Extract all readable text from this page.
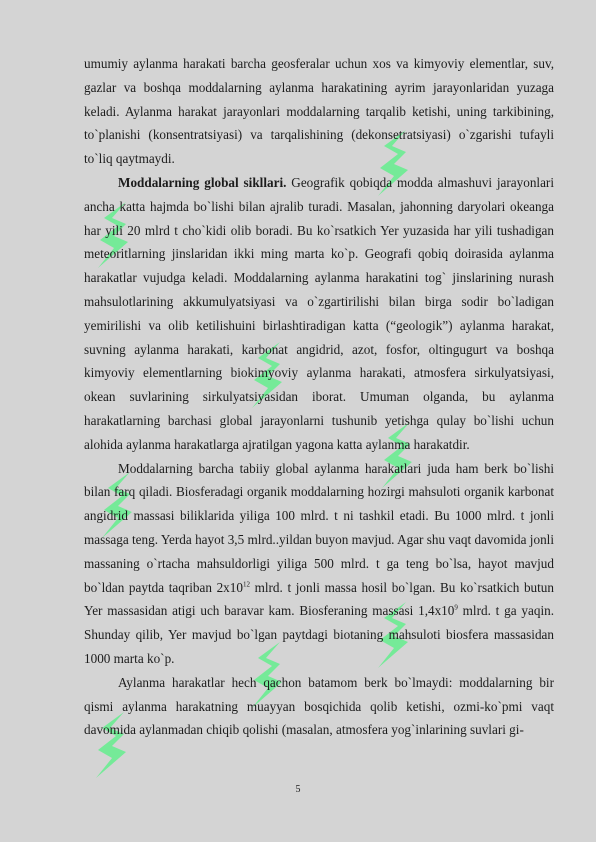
umumiy aylanma harakati barcha geosferalar uchun xos va kimyoviy elementlar, suv, gazlar va boshqa moddalarning aylanma harakatining ayrim jarayonlaridan yuzaga keladi. Aylanma harakat jarayonlari moddalarning tarqalib ketishi, uning tarkibining, to`planishi (konsentratsiyasi) va tarqalishining (dekonsetratsiyasi) o`zgarishi tufayli to`liq qaytmaydi.

Moddalarning global sikllari. Geografik qobiqda modda almashuvi jarayonlari ancha katta hajmda bo`lishi bilan ajralib turadi. Masalan, jahonning daryolari okeanga har yili 20 mlrd t cho`kidi olib boradi. Bu ko`rsatkich Yer yuzasida har yili tushadigan meteoritlarning jinslaridan ikki ming marta ko`p. Geografi qobiq doirasida aylanma harakatlar vujudga keladi. Moddalarning aylanma harakatini tog` jinslarining nurash mahsulotlarining akkumulyatsiyasi va o`zgartirilishi bilan birga sodir bo`ladigan yemirilishi va olib ketilishuini birlashtiradigan katta (“geologik”) aylanma harakat, suvning aylanma harakati, karbonat angidrid, azot, fosfor, oltingugurt va boshqa kimyoviy elementlarning biokimyoviy aylanma harakati, atmosfera sirkulyatsiyasi, okean suvlarining sirkulyatsiyasidan iborat. Umuman olganda, bu aylanma harakatlarning barchasi global jarayonlarni tushunib yetishga qulay bo`lishi uchun alohida aylanma harakatlarga ajratilgan yagona katta aylanma harakatdir.

Moddalarning barcha tabiiy global aylanma harakatlari juda ham berk bo`lishi bilan farq qiladi. Biosferadagi organik moddalarning hozirgi mahsuloti organik karbonat angidrid massasi biliklarida yiliga 100 mlrd. t ni tashkil etadi. Bu 1000 mlrd. t jonli massaga teng. Yerda hayot 3,5 mlrd..yildan buyon mavjud. Agar shu vaqt davomida jonli massaning o`rtacha mahsuldorligi yiliga 500 mlrd. t ga teng bo`lsa, hayot mavjud bo`ldan paytda taqriban $2x10^{12}$ mlrd. t jonli massa hosil bo`lgan. Bu ko`rsatkich butun Yer massasidan atigi uch baravar kam. Biosferaning massasi $1,4x10^9$ mlrd. t ga yaqin. Shunday qilib, Yer mavjud bo`lgan paytdagi biotaning mahsuloti biosfera massasidan 1000 marta ko`p.

Aylanma harakatlar hech qachon batamom berk bo`lmaydi: moddalarning bir qismi aylanma harakatning muayyan bosqichida qolib ketishi, ozmi-ko`pmi vaqt davomida aylanmadan chiqib qolishi (masalan, atmosfera yog`inlarining suvlari gi-

5
